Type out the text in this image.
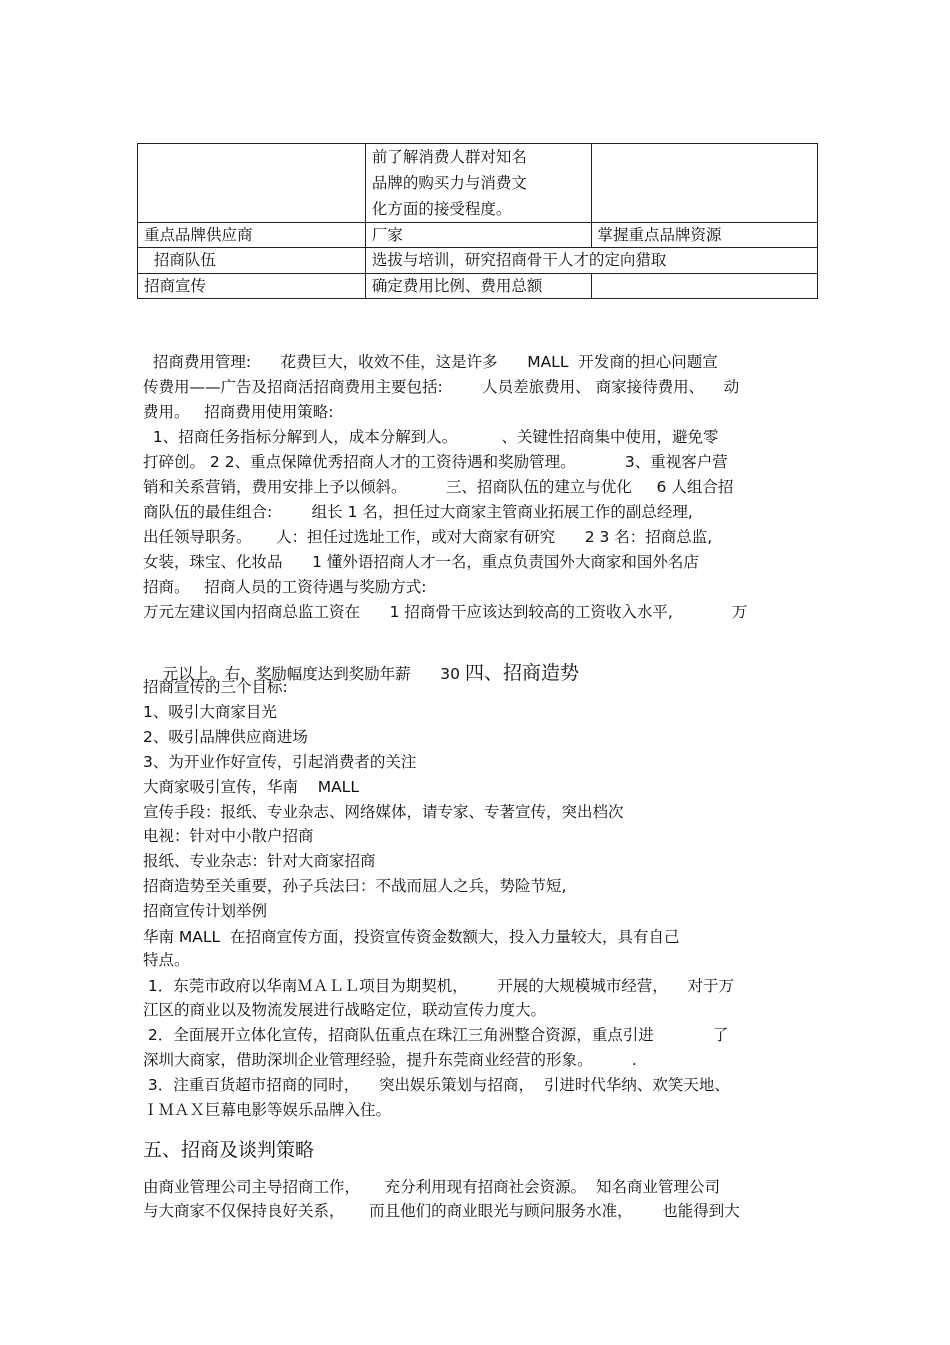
	前了解消费人群对知名
品牌的购买力与消费文
化方面的接受程度。	

重点品牌供应商	厂家	掌握重点品牌资源
招商队伍	选拔与培训，研究招商骨干人才的定向猎取	
招商宣传	确定费用比例、费用总额	
招商费用管理:      花费巨大，收效不佳，这是许多      MALL  开发商的担心问题宣
传费用——广告及招商活招商费用主要包括:        人员差旅费用、 商家接待费用、    动
费用。   招商费用使用策略:
1、招商任务指标分解到人，成本分解到人。         、关键性招商集中使用，避免零
打碎创。 2 2、重点保障优秀招商人才的工资待遇和奖励管理。          3、重视客户营
销和关系营销，费用安排上予以倾斜。        三、招商队伍的建立与优化     6 人组合招
商队伍的最佳组合:        组长 1 名，担任过大商家主管商业拓展工作的副总经理,
出任领导职务。     人：担任过选址工作，或对大商家有研究      2 3 名：招商总监,
女装，珠宝、化妆品      1 懂外语招商人才一名，重点负责国外大商家和国外名店
招商。   招商人员的工资待遇与奖励方式:
万元左建议国内招商总监工资在      1 招商骨干应该达到较高的工资收入水平,            万

元以上。右，奖励幅度达到奖励年薪      30 四、招商造势

招商宣传的三个目标:
1、吸引大商家目光
2、吸引品牌供应商进场
3、为开业作好宣传，引起消费者的关注
大商家吸引宣传，华南    MALL
宣传手段：报纸、专业杂志、网络媒体，请专家、专著宣传，突出档次
电视：针对中小散户招商
报纸、专业杂志：针对大商家招商
招商造势至关重要，孙子兵法曰：不战而屈人之兵，势险节短,
招商宣传计划举例
华南 MALL  在招商宣传方面，投资宣传资金数额大，投入力量较大，具有自己
特点。
1．东莞市政府以华南ＭＡＬＬ项目为期契机，      开展的大规模城市经营，    对于万
江区的商业以及物流发展进行战略定位，联动宣传力度大。
2．全面展开立体化宣传，招商队伍重点在珠江三角洲整合资源，重点引进            了
深圳大商家，借助深圳企业管理经验，提升东莞商业经营的形象。        .
3．注重百货超市招商的同时，    突出娱乐策划与招商，  引进时代华纳、欢笑天地、
ＩＭＡＸ巨幕电影等娱乐品牌入住。
五、招商及谈判策略
由商业管理公司主导招商工作，     充分利用现有招商社会资源。  知名商业管理公司
与大商家不仅保持良好关系，     而且他们的商业眼光与顾问服务水准，      也能得到大
